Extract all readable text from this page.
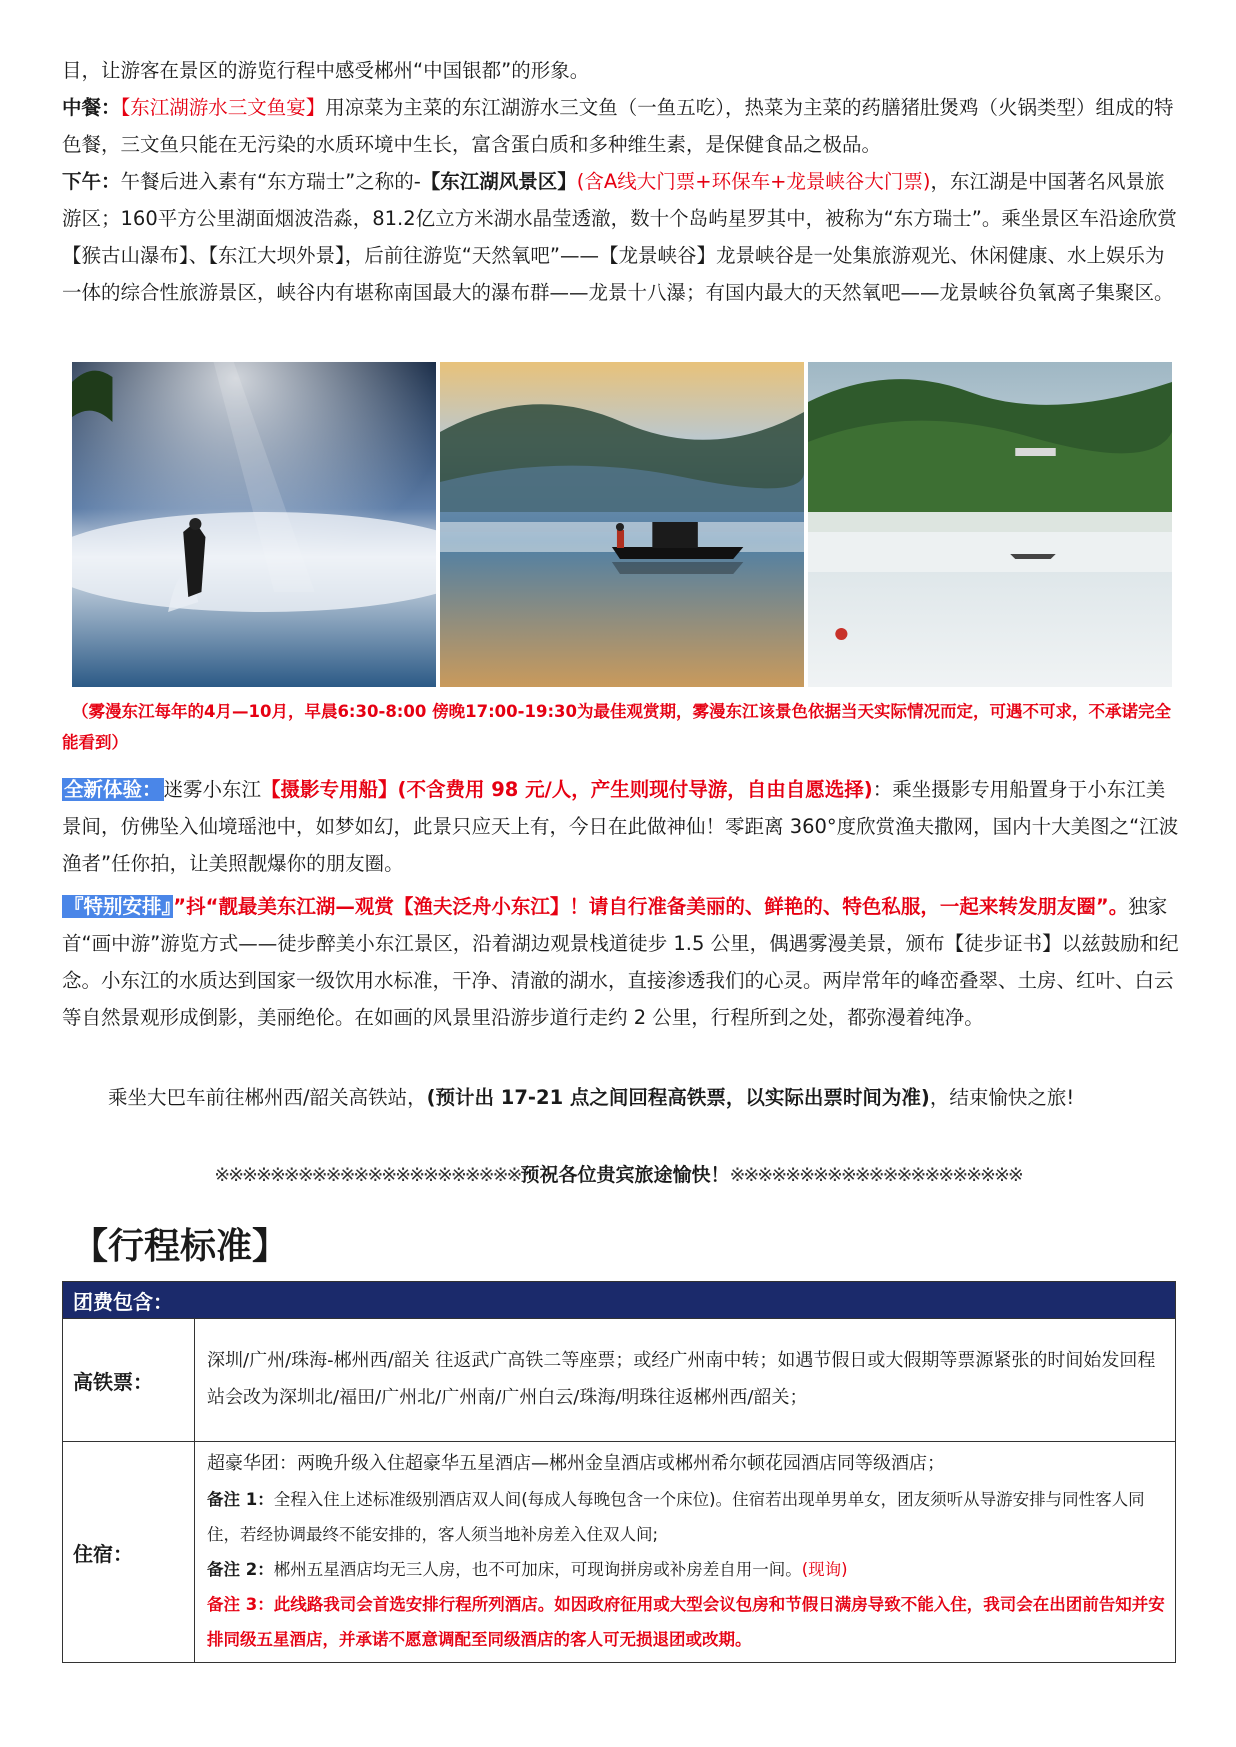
目，让游客在景区的游览行程中感受郴州“中国银都”的形象。

中餐：【东江湖游水三文鱼宴】用凉菜为主菜的东江湖游水三文鱼（一鱼五吃），热菜为主菜的药膳猪肚煲鸡（火锅类型）组成的特色餐，三文鱼只能在无污染的水质环境中生长，富含蛋白质和多种维生素，是保健食品之极品。

下午：午餐后进入素有“东方瑞士”之称的-【东江湖风景区】(含A线大门票+环保车+龙景峡谷大门票)，东江湖是中国著名风景旅游区；160平方公里湖面烟波浩淼，81.2亿立方米湖水晶莹透澈，数十个岛屿星罗其中，被称为“东方瑞士”。乘坐景区车沿途欣赏【猴古山瀑布】、【东江大坝外景】，后前往游览“天然氧吧”——【龙景峡谷】龙景峡谷是一处集旅游观光、休闲健康、水上娱乐为一体的综合性旅游景区，峡谷内有堪称南国最大的瀑布群——龙景十八瀑；有国内最大的天然氧吧——龙景峡谷负氧离子集聚区。

（雾漫东江每年的4月—10月，早晨6:30-8:00 傍晚17:00-19:30为最佳观赏期，雾漫东江该景色依据当天实际情况而定，可遇不可求，不承诺完全能看到）

全新体验： 迷雾小东江【摄影专用船】(不含费用 98 元/人，产生则现付导游，自由自愿选择)：乘坐摄影专用船置身于小东江美景间，仿佛坠入仙境瑶池中，如梦如幻，此景只应天上有，今日在此做神仙！零距离 360°度欣赏渔夫撒网，国内十大美图之“江波渔者”任你拍，让美照靓爆你的朋友圈。

『特别安排』 ”抖“靓最美东江湖—观赏【渔夫泛舟小东江】！请自行准备美丽的、鲜艳的、特色私服，一起来转发朋友圈”。独家首“画中游”游览方式——徒步醉美小东江景区，沿着湖边观景栈道徒步 1.5 公里，偶遇雾漫美景，颁布【徒步证书】以兹鼓励和纪念。小东江的水质达到国家一级饮用水标准，干净、清澈的湖水，直接渗透我们的心灵。两岸常年的峰峦叠翠、土房、红叶、白云等自然景观形成倒影，美丽绝伦。在如画的风景里沿游步道行走约 2 公里，行程所到之处，都弥漫着纯净。

乘坐大巴车前往郴州西/韶关高铁站，(预计出 17-21 点之间回程高铁票，以实际出票时间为准)，结束愉快之旅!

※※※※※※※※※※※※※※※※※※※※※※预祝各位贵宾旅途愉快！※※※※※※※※※※※※※※※※※※※※※
【行程标准】
团费包含：	
高铁票：	深圳/广州/珠海-郴州西/韶关 往返武广高铁二等座票；或经广州南中转；如遇节假日或大假期等票源紧张的时间始发回程站会改为深圳北/福田/广州北/广州南/广州白云/珠海/明珠往返郴州西/韶关；
住宿：	超豪华团：两晚升级入住超豪华五星酒店—郴州金皇酒店或郴州希尔顿花园酒店同等级酒店；
备注 1：全程入住上述标准级别酒店双人间(每成人每晚包含一个床位)。住宿若出现单男单女，团友须听从导游安排与同性客人同住，若经协调最终不能安排的，客人须当地补房差入住双人间;
备注 2：郴州五星酒店均无三人房，也不可加床，可现询拼房或补房差自用一间。(现询)
备注 3：此线路我司会首选安排行程所列酒店。如因政府征用或大型会议包房和节假日满房导致不能入住，我司会在出团前告知并安排同级五星酒店，并承诺不愿意调配至同级酒店的客人可无损退团或改期。
